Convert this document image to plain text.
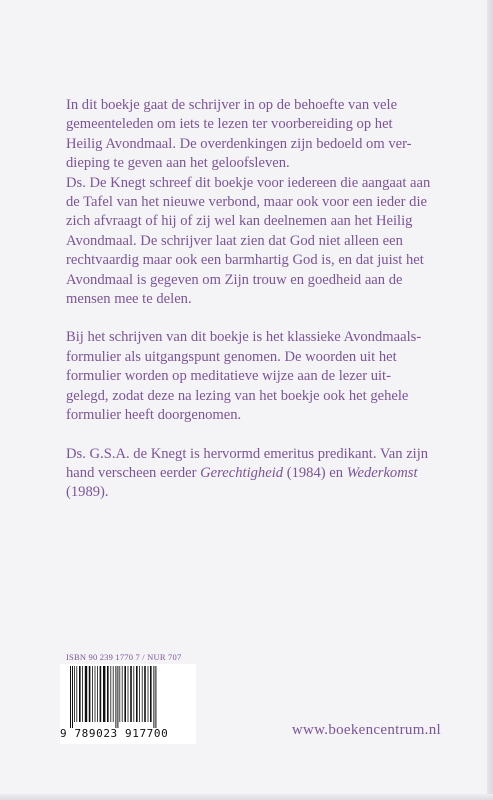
In dit boekje gaat de schrijver in op de behoefte van vele
gemeenteleden om iets te lezen ter voorbereiding op het
Heilig Avondmaal. De overdenkingen zijn bedoeld om ver-
dieping te geven aan het geloofsleven.
Ds. De Knegt schreef dit boekje voor iedereen die aangaat aan
de Tafel van het nieuwe verbond, maar ook voor een ieder die
zich afvraagt of hij of zij wel kan deelnemen aan het Heilig
Avondmaal. De schrijver laat zien dat God niet alleen een
rechtvaardig maar ook een barmhartig God is, en dat juist het
Avondmaal is gegeven om Zijn trouw en goedheid aan de
mensen mee te delen.

Bij het schrijven van dit boekje is het klassieke Avondmaals-
formulier als uitgangspunt genomen. De woorden uit het
formulier worden op meditatieve wijze aan de lezer uit-
gelegd, zodat deze na lezing van het boekje ook het gehele
formulier heeft doorgenomen.

Ds. G.S.A. de Knegt is hervormd emeritus predikant. Van zijn
hand verscheen eerder Gerechtigheid (1984) en Wederkomst
(1989).

ISBN 90 239 1770 7 / NUR 707
9 789023 917700	www.boekencentrum.nl
